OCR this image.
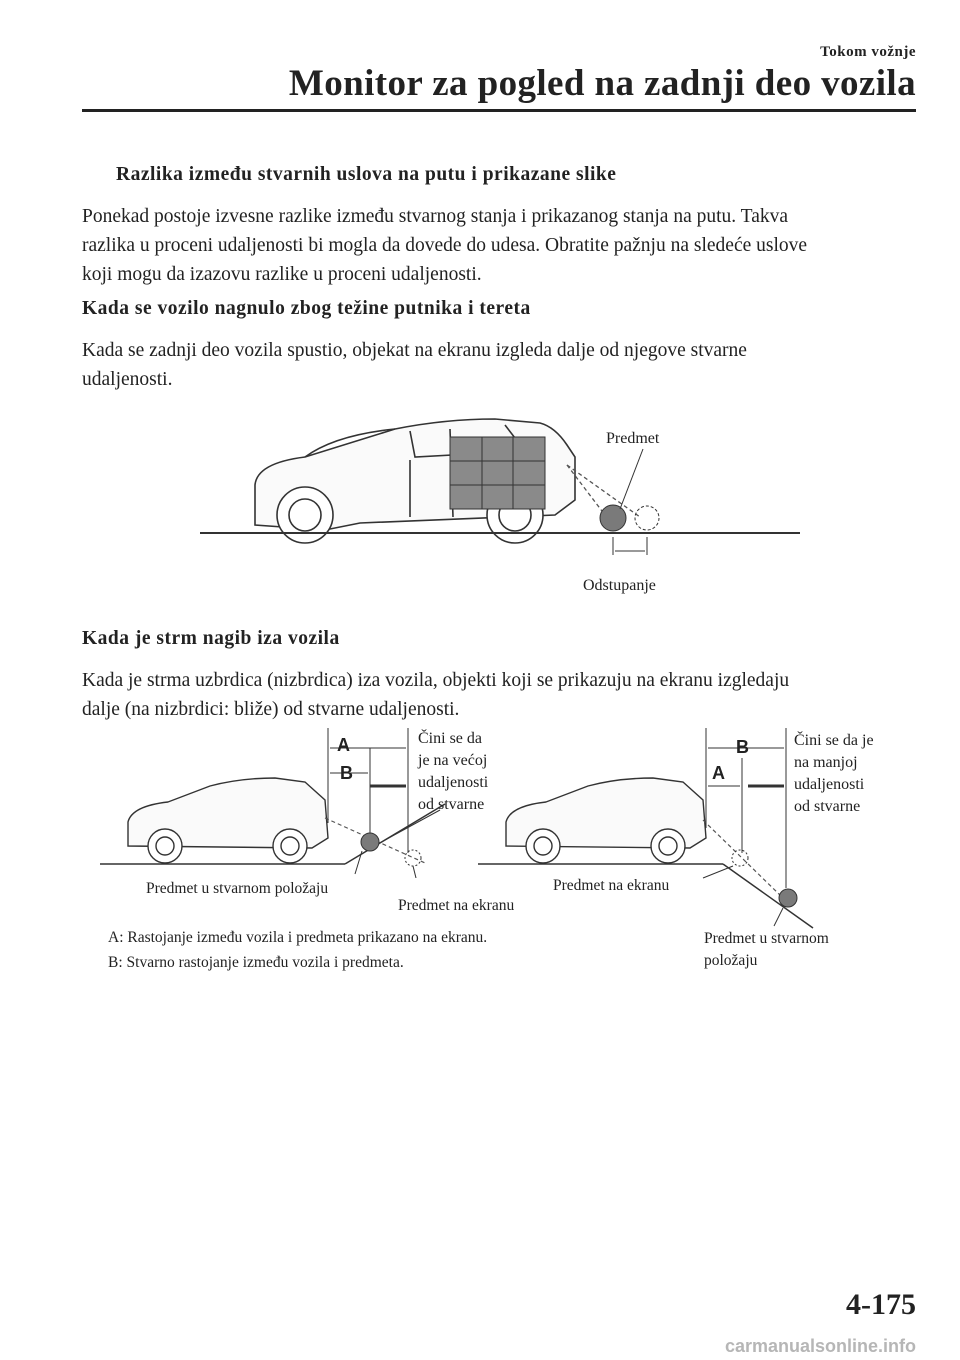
Tokom vožnje
Monitor za pogled na zadnji deo vozila
Razlika između stvarnih uslova na putu i prikazane slike
Ponekad postoje izvesne razlike između stvarnog stanja i prikazanog stanja na putu. Takva
razlika u proceni udaljenosti bi mogla da dovede do udesa. Obratite pažnju na sledeće uslove
koji mogu da izazovu razlike u proceni udaljenosti.
Kada se vozilo nagnulo zbog težine putnika i tereta
Kada se zadnji deo vozila spustio, objekat na ekranu izgleda dalje od njegove stvarne
udaljenosti.
Predmet
Odstupanje
Kada je strm nagib iza vozila
Kada je strma uzbrdica (nizbrdica) iza vozila, objekti koji se prikazuju na ekranu izgledaju
dalje (na nizbrdici: bliže) od stvarne udaljenosti.
A
B
Čini se da
je na većoj
udaljenosti
od stvarne
Predmet u stvarnom položaju
Predmet na ekranu
B
A
Čini se da je
na manjoj
udaljenosti
od stvarne
Predmet na ekranu
Predmet u stvarnom
položaju
A: Rastojanje između vozila i predmeta prikazano na ekranu.
B: Stvarno rastojanje između vozila i predmeta.
4-175
carmanualsonline.info
